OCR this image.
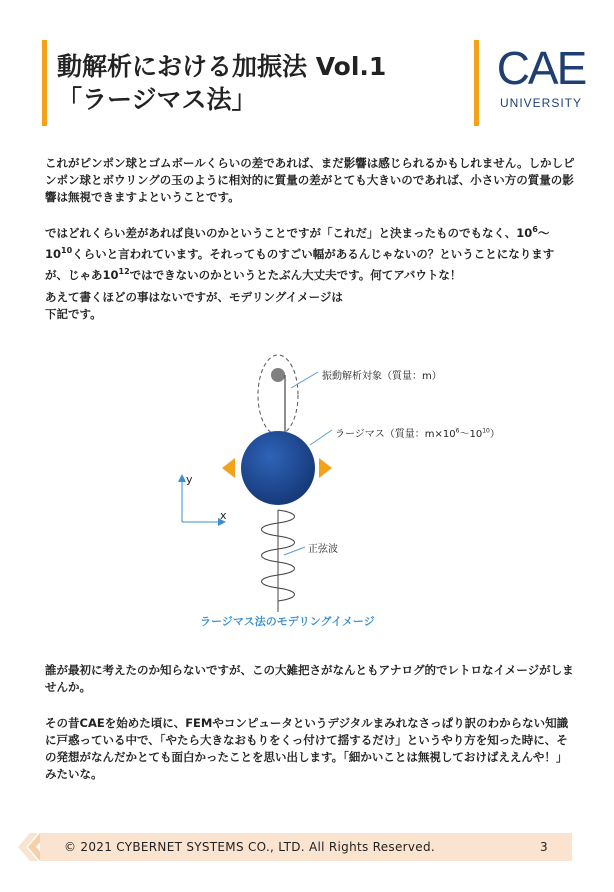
動解析における加振法 Vol.1
「ラージマス法」
CAE
UNIVERSITY

これがピンポン球とゴムボールくらいの差であれば、まだ影響は感じられるかもしれません。しかしピンポン球とボウリングの玉のように相対的に質量の差がとても大きいのであれば、小さい方の質量の影響は無視できますよということです。

ではどれくらい差があれば良いのかということですが「これだ」と決まったものでもなく、$10^6\sim 10^{10}$くらいと言われています。それってものすごい幅があるんじゃないの？ということになりますが、じゃあ$10^{12}$ではできないのかというとたぶん大丈夫です。何てアバウトな！

あえて書くほどの事はないですが、モデリングイメージは
下記です。

振動解析対象（質量：m）
ラージマス（質量：$m\times 10^6\sim 10^{10}$）
正弦波
y
x
ラージマス法のモデリングイメージ

誰が最初に考えたのか知らないですが、この大雑把さがなんともアナログ的でレトロなイメージがしませんか。

その昔CAEを始めた頃に、FEMやコンピュータというデジタルまみれなさっぱり訳のわからない知識に戸惑っている中で、「やたら大きなおもりをくっ付けて揺するだけ」というやり方を知った時に、その発想がなんだかとても面白かったことを思い出します。「細かいことは無視しておけばええんや！」みたいな。

© 2021 CYBERNET SYSTEMS CO., LTD. All Rights Reserved.	3
